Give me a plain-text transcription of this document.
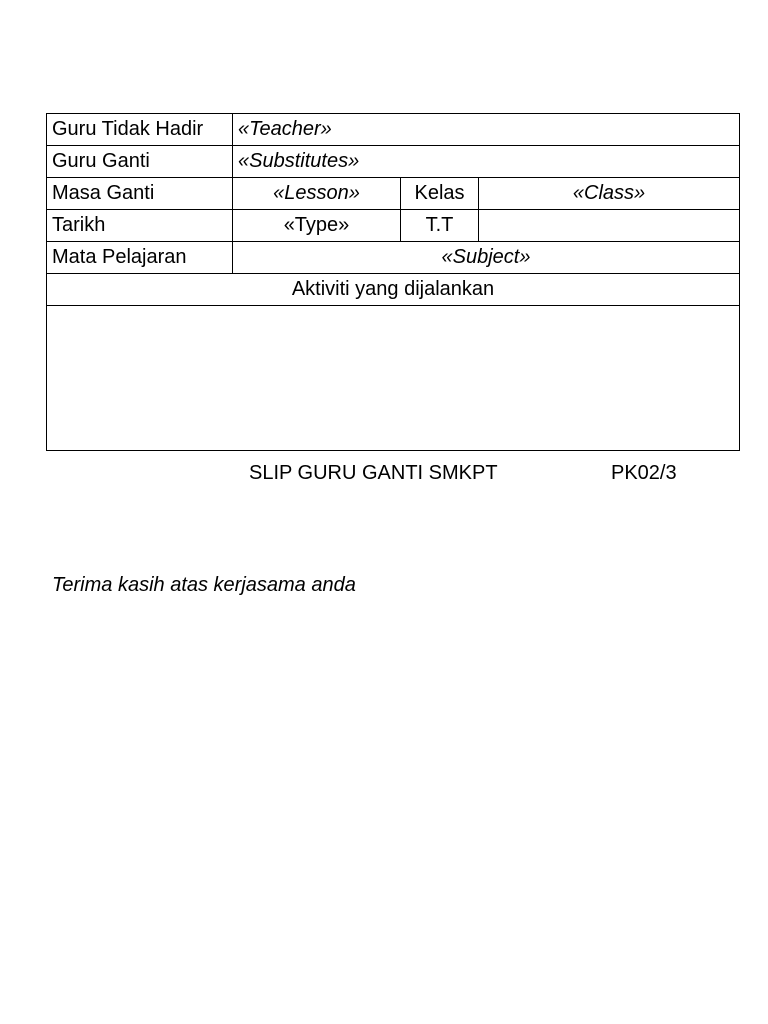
Guru Tidak Hadir	«Teacher»		
Guru Ganti	«Substitutes»		
Masa Ganti	«Lesson»	Kelas	«Class»
Tarikh	«Type»	T.T	
Mata Pelajaran	«Subject»		
Aktiviti yang dijalankan			

SLIP GURU GANTI SMKPT	PK02/3
Terima kasih atas kerjasama anda
